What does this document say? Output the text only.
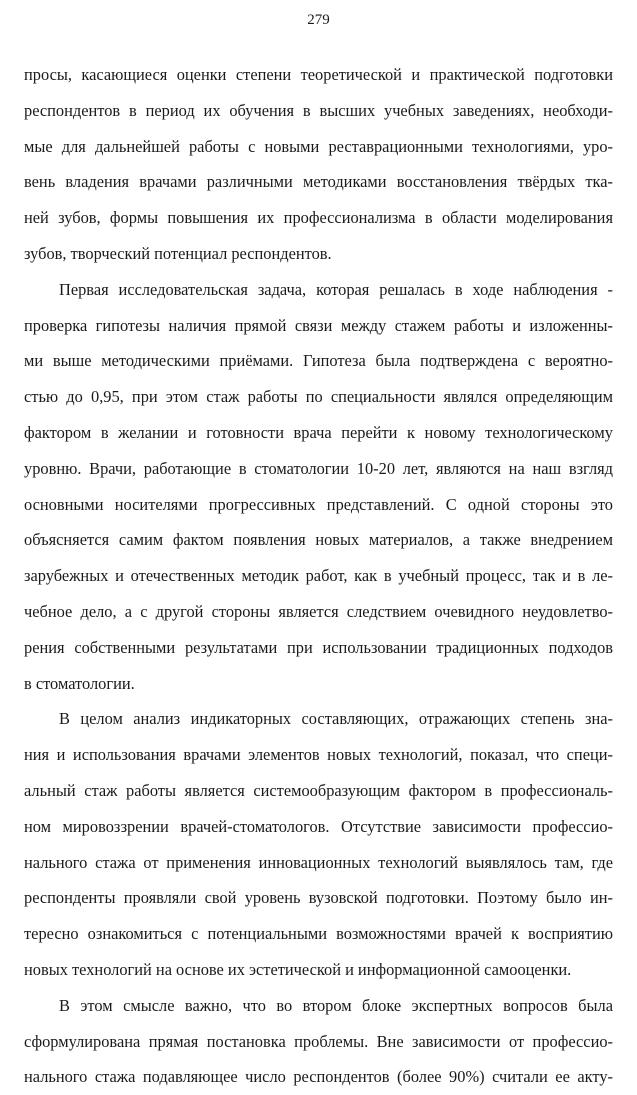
279

просы, касающиеся оценки степени теоретической и практической подготовки
респондентов в период их обучения в высших учебных заведениях, необходи-
мые для дальнейшей работы с новыми реставрационными технологиями, уро-
вень владения врачами различными методиками восстановления твёрдых тка-
ней зубов, формы повышения их профессионализма в области моделирования
зубов, творческий потенциал респондентов.

Первая исследовательская задача, которая решалась в ходе наблюдения -
проверка гипотезы наличия прямой связи между стажем работы и изложенны-
ми выше методическими приёмами. Гипотеза была подтверждена с вероятно-
стью до 0,95, при этом стаж работы по специальности являлся определяющим
фактором в желании и готовности врача перейти к новому технологическому
уровню. Врачи, работающие в стоматологии 10-20 лет, являются на наш взгляд
основными носителями прогрессивных представлений. С одной стороны это
объясняется самим фактом появления новых материалов, а также внедрением
зарубежных и отечественных методик работ, как в учебный процесс, так и в ле-
чебное дело, а с другой стороны является следствием очевидного неудовлетво-
рения собственными результатами при использовании традиционных подходов
в стоматологии.

В целом анализ индикаторных составляющих, отражающих степень зна-
ния и использования врачами элементов новых технологий, показал, что специ-
альный стаж работы является системообразующим фактором в профессиональ-
ном мировоззрении врачей-стоматологов. Отсутствие зависимости профессио-
нального стажа от применения инновационных технологий выявлялось там, где
респонденты проявляли свой уровень вузовской подготовки. Поэтому было ин-
тересно ознакомиться с потенциальными возможностями врачей к восприятию
новых технологий на основе их эстетической и информационной самооценки.

В этом смысле важно, что во втором блоке экспертных вопросов была
сформулирована прямая постановка проблемы. Вне зависимости от профессио-
нального стажа подавляющее число респондентов (более 90%) считали ее акту-
